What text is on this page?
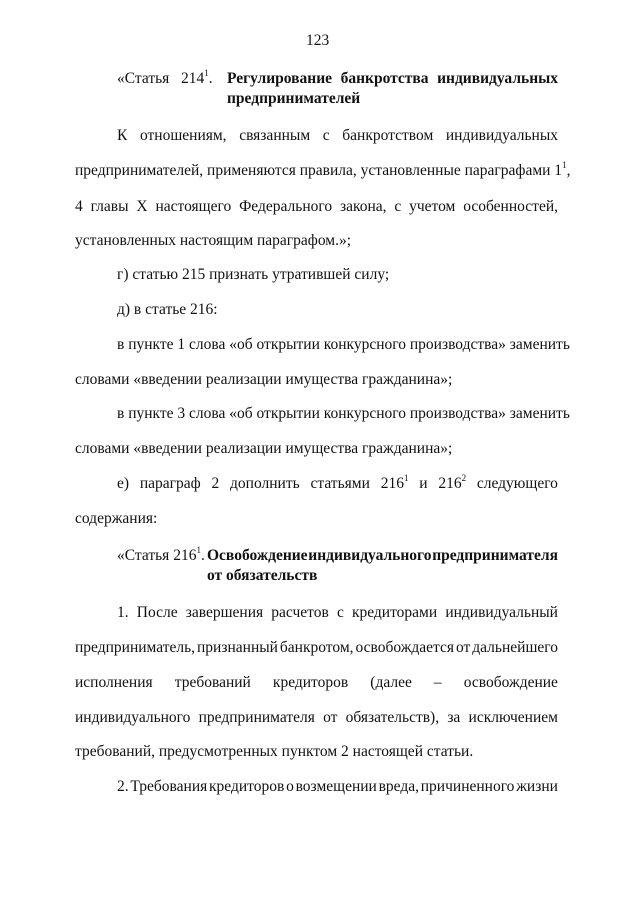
123
«Статья $214^1$. Регулирование банкротства индивидуальных
предпринимателей
К отношениям, связанным с банкротством индивидуальных
предпринимателей, применяются правила, установленные параграфами $1^1$,
4 главы X настоящего Федерального закона, с учетом особенностей,
установленных настоящим параграфом.»;
г) статью 215 признать утратившей силу;
д) в статье 216:
в пункте 1 слова «об открытии конкурсного производства» заменить
словами «введении реализации имущества гражданина»;
в пункте 3 слова «об открытии конкурсного производства» заменить
словами «введении реализации имущества гражданина»;
е) параграф 2 дополнить статьями $216^1$ и $216^2$ следующего
содержания:
«Статья $216^1$. Освобождение индивидуального предпринимателя
от обязательств
1. После завершения расчетов с кредиторами индивидуальный
предприниматель, признанный банкротом, освобождается от дальнейшего
исполнения требований кредиторов (далее – освобождение
индивидуального предпринимателя от обязательств), за исключением
требований, предусмотренных пунктом 2 настоящей статьи.
2. Требования кредиторов о возмещении вреда, причиненного жизни
